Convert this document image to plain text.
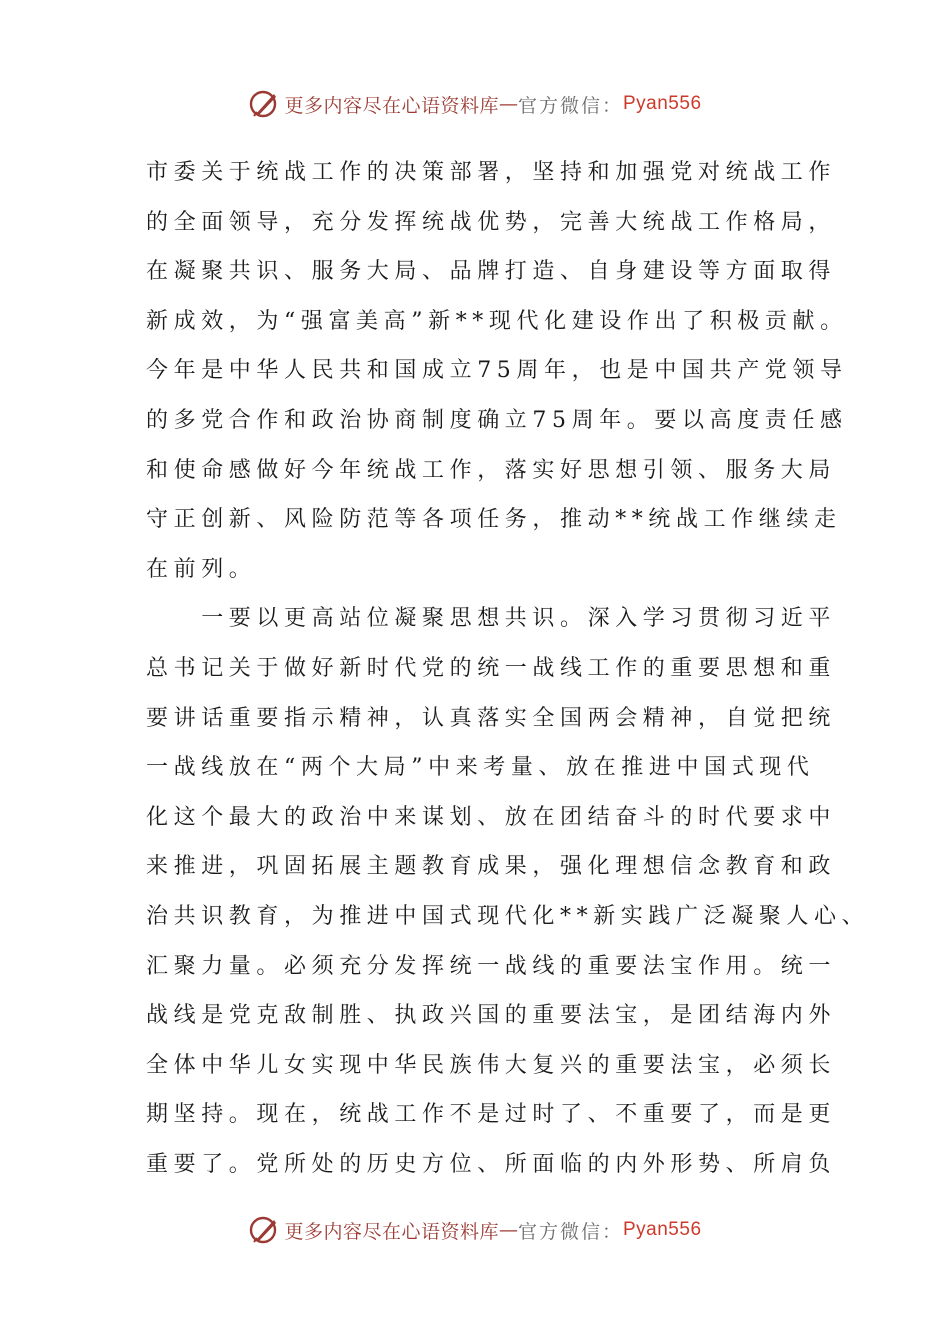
更多内容尽在心语资料库 — 官方微信： Pyan556
市委关于统战工作的决策部署，坚持和加强党对统战工作
的全面领导，充分发挥统战优势，完善大统战工作格局，
在凝聚共识、服务大局、品牌打造、自身建设等方面取得
新成效，为“强富美高”新**现代化建设作出了积极贡献。
今年是中华人民共和国成立75周年，也是中国共产党领导
的多党合作和政治协商制度确立75周年。要以高度责任感
和使命感做好今年统战工作，落实好思想引领、服务大局
守正创新、风险防范等各项任务，推动**统战工作继续走
在前列。
　　一要以更高站位凝聚思想共识。深入学习贯彻习近平
总书记关于做好新时代党的统一战线工作的重要思想和重
要讲话重要指示精神，认真落实全国两会精神，自觉把统
一战线放在“两个大局”中来考量、放在推进中国式现代
化这个最大的政治中来谋划、放在团结奋斗的时代要求中
来推进，巩固拓展主题教育成果，强化理想信念教育和政
治共识教育，为推进中国式现代化**新实践广泛凝聚人心、
汇聚力量。必须充分发挥统一战线的重要法宝作用。统一
战线是党克敌制胜、执政兴国的重要法宝，是团结海内外
全体中华儿女实现中华民族伟大复兴的重要法宝，必须长
期坚持。现在，统战工作不是过时了、不重要了，而是更
重要了。党所处的历史方位、所面临的内外形势、所肩负
更多内容尽在心语资料库 — 官方微信： Pyan556
